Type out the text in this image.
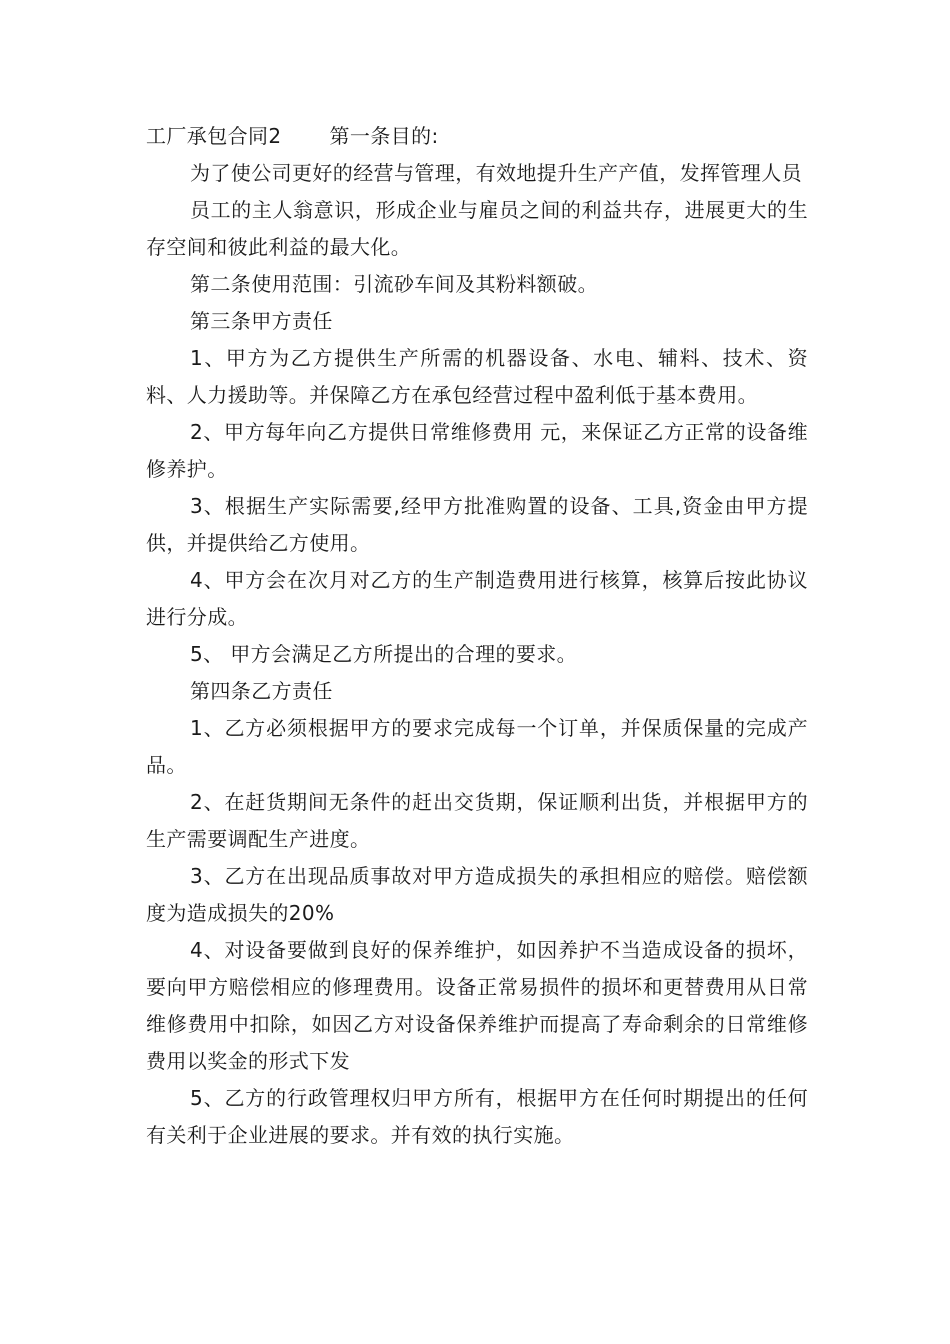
工厂承包合同2 第一条目的:

为了使公司更好的经营与管理，有效地提升生产产值，发挥管理人员

员工的主人翁意识，形成企业与雇员之间的利益共存，进展更大的生存空间和彼此利益的最大化。

第二条使用范围：引流砂车间及其粉料额破。

第三条甲方责任

1、甲方为乙方提供生产所需的机器设备、水电、辅料、技术、资料、人力援助等。并保障乙方在承包经营过程中盈利低于基本费用。

2、甲方每年向乙方提供日常维修费用 元，来保证乙方正常的设备维修养护。

3、根据生产实际需要,经甲方批准购置的设备、工具,资金由甲方提供，并提供给乙方使用。

4、甲方会在次月对乙方的生产制造费用进行核算，核算后按此协议进行分成。

5、 甲方会满足乙方所提出的合理的要求。

第四条乙方责任

1、乙方必须根据甲方的要求完成每一个订单，并保质保量的完成产品。

2、在赶货期间无条件的赶出交货期，保证顺利出货，并根据甲方的生产需要调配生产进度。

3、乙方在出现品质事故对甲方造成损失的承担相应的赔偿。赔偿额度为造成损失的20%

4、对设备要做到良好的保养维护，如因养护不当造成设备的损坏，要向甲方赔偿相应的修理费用。设备正常易损件的损坏和更替费用从日常维修费用中扣除，如因乙方对设备保养维护而提高了寿命剩余的日常维修费用以奖金的形式下发

5、乙方的行政管理权归甲方所有，根据甲方在任何时期提出的任何有关利于企业进展的要求。并有效的执行实施。
